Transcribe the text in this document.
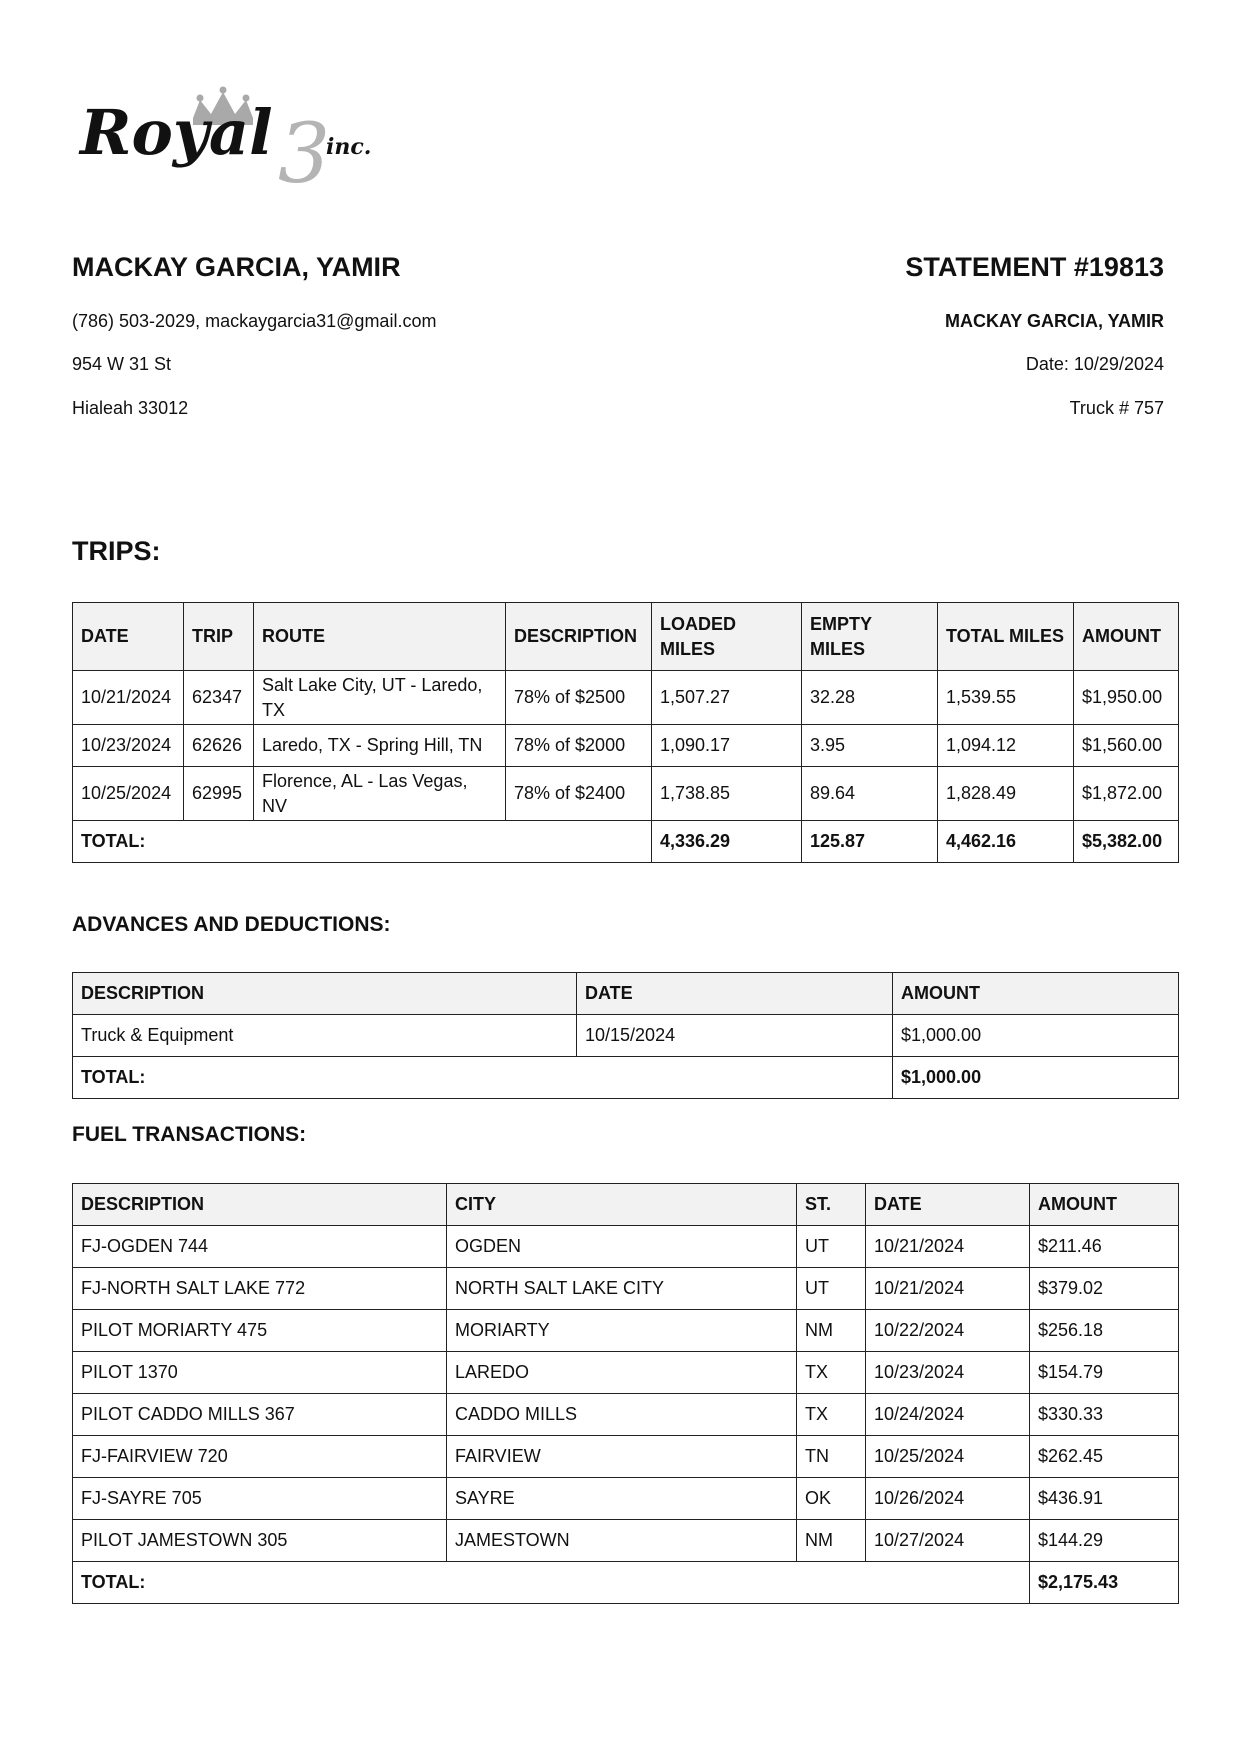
3
Royal inc.
MACKAY GARCIA, YAMIR
(786) 503-2029, mackaygarcia31@gmail.com
954 W 31 St
Hialeah 33012
STATEMENT #19813
MACKAY GARCIA, YAMIR
Date: 10/29/2024
Truck # 757
TRIPS:
DATE	TRIP	ROUTE	DESCRIPTION	LOADED MILES	EMPTY MILES	TOTAL MILES	AMOUNT
10/21/2024	62347	Salt Lake City, UT - Laredo, TX	78% of $2500	1,507.27	32.28	1,539.55	$1,950.00
10/23/2024	62626	Laredo, TX - Spring Hill, TN	78% of $2000	1,090.17	3.95	1,094.12	$1,560.00
10/25/2024	62995	Florence, AL - Las Vegas, NV	78% of $2400	1,738.85	89.64	1,828.49	$1,872.00
TOTAL:				4,336.29	125.87	4,462.16	$5,382.00
ADVANCES AND DEDUCTIONS:
DESCRIPTION	DATE	AMOUNT
Truck & Equipment	10/15/2024	$1,000.00
TOTAL:		$1,000.00
FUEL TRANSACTIONS:
DESCRIPTION	CITY	ST.	DATE	AMOUNT
FJ-OGDEN 744	OGDEN	UT	10/21/2024	$211.46
FJ-NORTH SALT LAKE 772	NORTH SALT LAKE CITY	UT	10/21/2024	$379.02
PILOT MORIARTY 475	MORIARTY	NM	10/22/2024	$256.18
PILOT 1370	LAREDO	TX	10/23/2024	$154.79
PILOT CADDO MILLS 367	CADDO MILLS	TX	10/24/2024	$330.33
FJ-FAIRVIEW 720	FAIRVIEW	TN	10/25/2024	$262.45
FJ-SAYRE 705	SAYRE	OK	10/26/2024	$436.91
PILOT JAMESTOWN 305	JAMESTOWN	NM	10/27/2024	$144.29
TOTAL:				$2,175.43
